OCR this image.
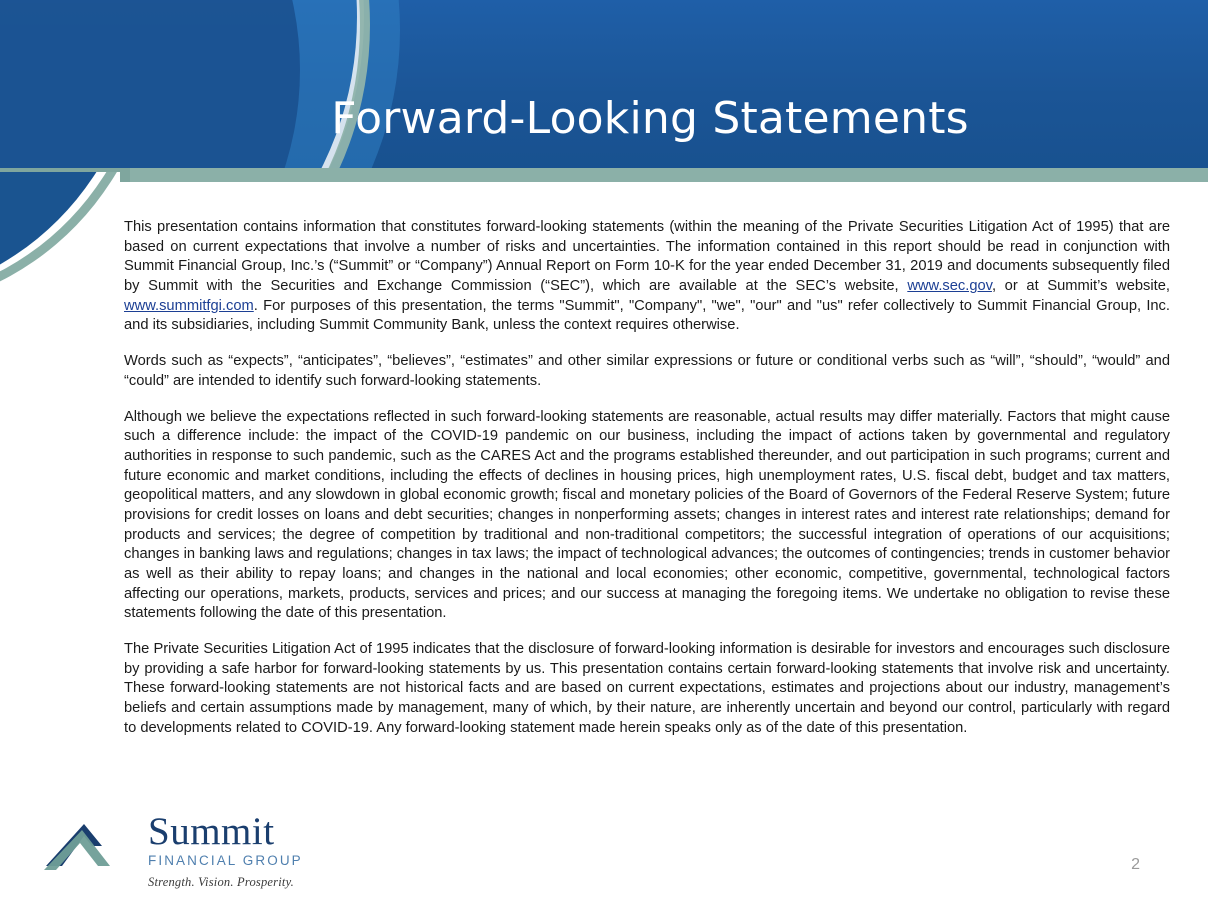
Forward-Looking Statements

This presentation contains information that constitutes forward-looking statements (within the meaning of the Private Securities Litigation Act of 1995) that are based on current expectations that involve a number of risks and uncertainties. The information contained in this report should be read in conjunction with Summit Financial Group, Inc.’s (“Summit” or “Company”) Annual Report on Form 10-K for the year ended December 31, 2019 and documents subsequently filed by Summit with the Securities and Exchange Commission (“SEC”), which are available at the SEC’s website, www.sec.gov, or at Summit’s website, www.summitfgi.com. For purposes of this presentation, the terms "Summit", "Company", "we", "our" and "us" refer collectively to Summit Financial Group, Inc. and its subsidiaries, including Summit Community Bank, unless the context requires otherwise.

Words such as “expects”, “anticipates”, “believes”, “estimates” and other similar expressions or future or conditional verbs such as “will”, “should”, “would” and “could” are intended to identify such forward-looking statements.

Although we believe the expectations reflected in such forward-looking statements are reasonable, actual results may differ materially. Factors that might cause such a difference include: the impact of the COVID-19 pandemic on our business, including the impact of actions taken by governmental and regulatory authorities in response to such pandemic, such as the CARES Act and the programs established thereunder, and out participation in such programs; current and future economic and market conditions, including the effects of declines in housing prices, high unemployment rates, U.S. fiscal debt, budget and tax matters, geopolitical matters, and any slowdown in global economic growth; fiscal and monetary policies of the Board of Governors of the Federal Reserve System; future provisions for credit losses on loans and debt securities; changes in nonperforming assets; changes in interest rates and interest rate relationships; demand for products and services; the degree of competition by traditional and non-traditional competitors; the successful integration of operations of our acquisitions; changes in banking laws and regulations; changes in tax laws; the impact of technological advances; the outcomes of contingencies; trends in customer behavior as well as their ability to repay loans; and changes in the national and local economies; other economic, competitive, governmental, technological factors affecting our operations, markets, products, services and prices; and our success at managing the foregoing items. We undertake no obligation to revise these statements following the date of this presentation.

The Private Securities Litigation Act of 1995 indicates that the disclosure of forward-looking information is desirable for investors and encourages such disclosure by providing a safe harbor for forward-looking statements by us. This presentation contains certain forward-looking statements that involve risk and uncertainty. These forward-looking statements are not historical facts and are based on current expectations, estimates and projections about our industry, management’s beliefs and certain assumptions made by management, many of which, by their nature, are inherently uncertain and beyond our control, particularly with regard to developments related to COVID-19. Any forward-looking statement made herein speaks only as of the date of this presentation.

Summit
FINANCIAL GROUP
Strength. Vision. Prosperity.
2
